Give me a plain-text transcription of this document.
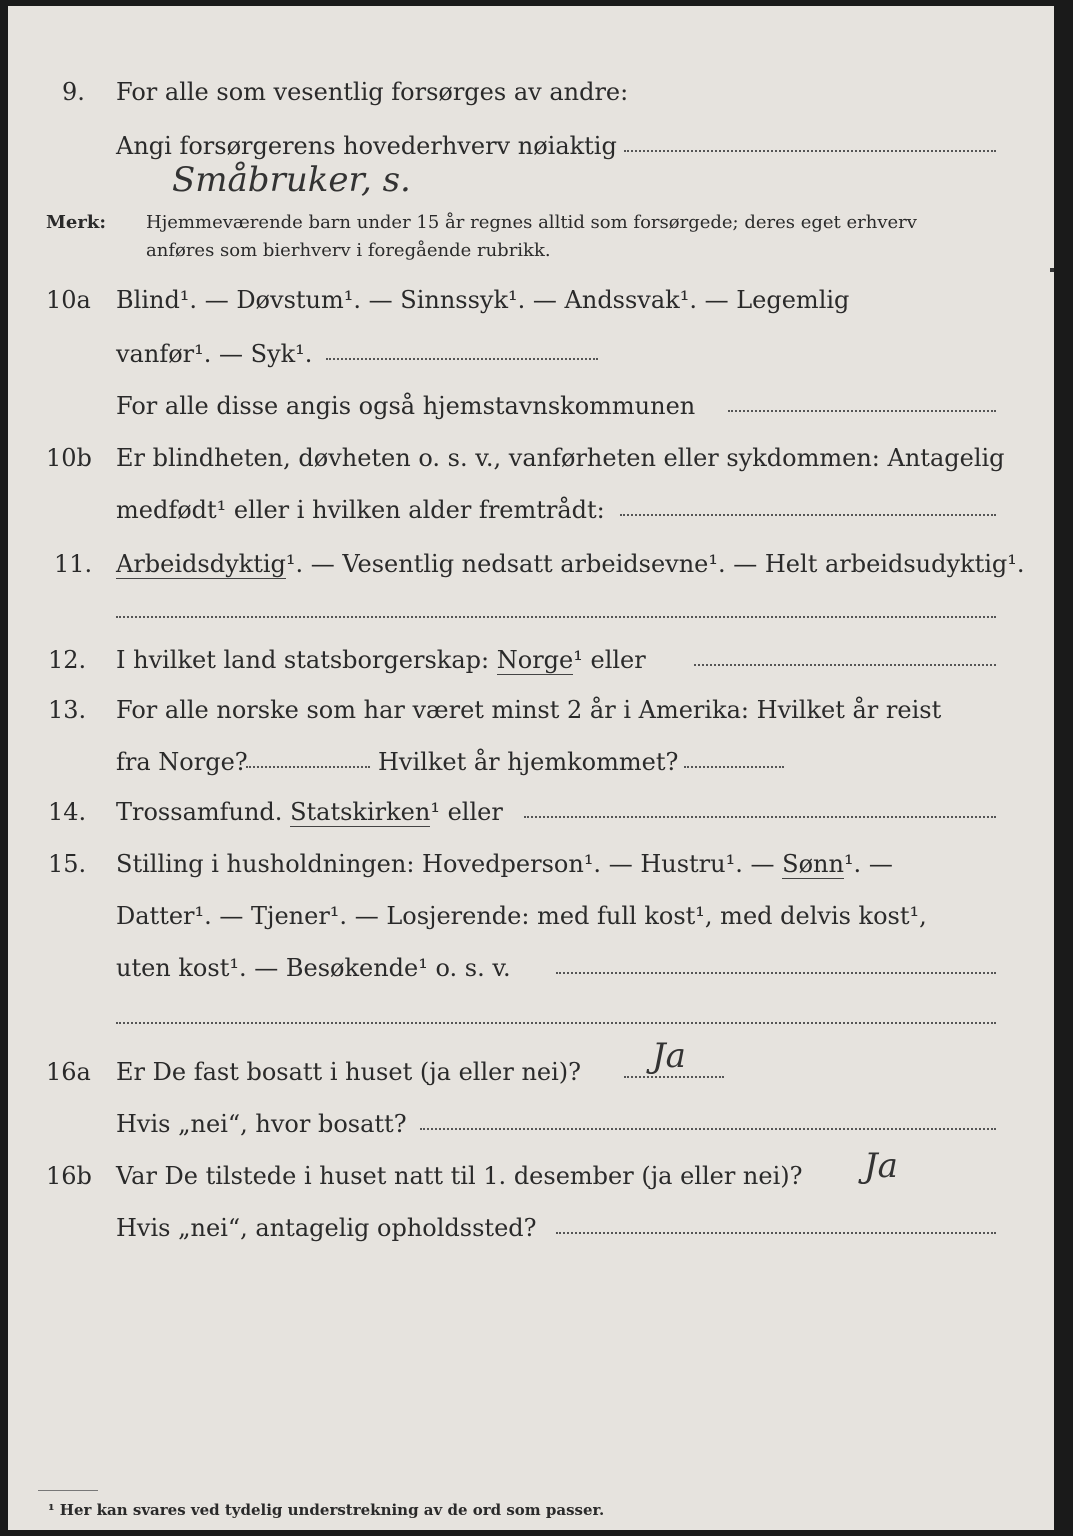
9. For alle som vesentlig forsørges av andre:
Angi forsørgerens hovederhverv nøiaktig
Småbruker, s.
Merk: Hjemmeværende barn under 15 år regnes alltid som forsørgede; deres eget erhverv
anføres som bierhverv i foregående rubrikk.
10a Blind¹. — Døvstum¹. — Sinnssyk¹. — Andssvak¹. — Legemlig
vanfør¹. — Syk¹.
For alle disse angis også hjemstavnskommunen
10b Er blindheten, døvheten o. s. v., vanførheten eller sykdommen: Antagelig
medfødt¹ eller i hvilken alder fremtrådt:
11. Arbeidsdyktig¹. — Vesentlig nedsatt arbeidsevne¹. — Helt arbeidsudyktig¹.
12. I hvilket land statsborgerskap: Norge¹ eller
13. For alle norske som har været minst 2 år i Amerika: Hvilket år reist
fra Norge?	Hvilket år hjemkommet?
14. Trossamfund. Statskirken¹ eller
15. Stilling i husholdningen: Hovedperson¹. — Hustru¹. — Sønn¹. —
Datter¹. — Tjener¹. — Losjerende: med full kost¹, med delvis kost¹,
uten kost¹. — Besøkende¹ o. s. v.
16a Er De fast bosatt i huset (ja eller nei)? Ja
Hvis „nei“, hvor bosatt?
16b Var De tilstede i huset natt til 1. desember (ja eller nei)? Ja
Hvis „nei“, antagelig opholdssted?
¹ Her kan svares ved tydelig understrekning av de ord som passer.
